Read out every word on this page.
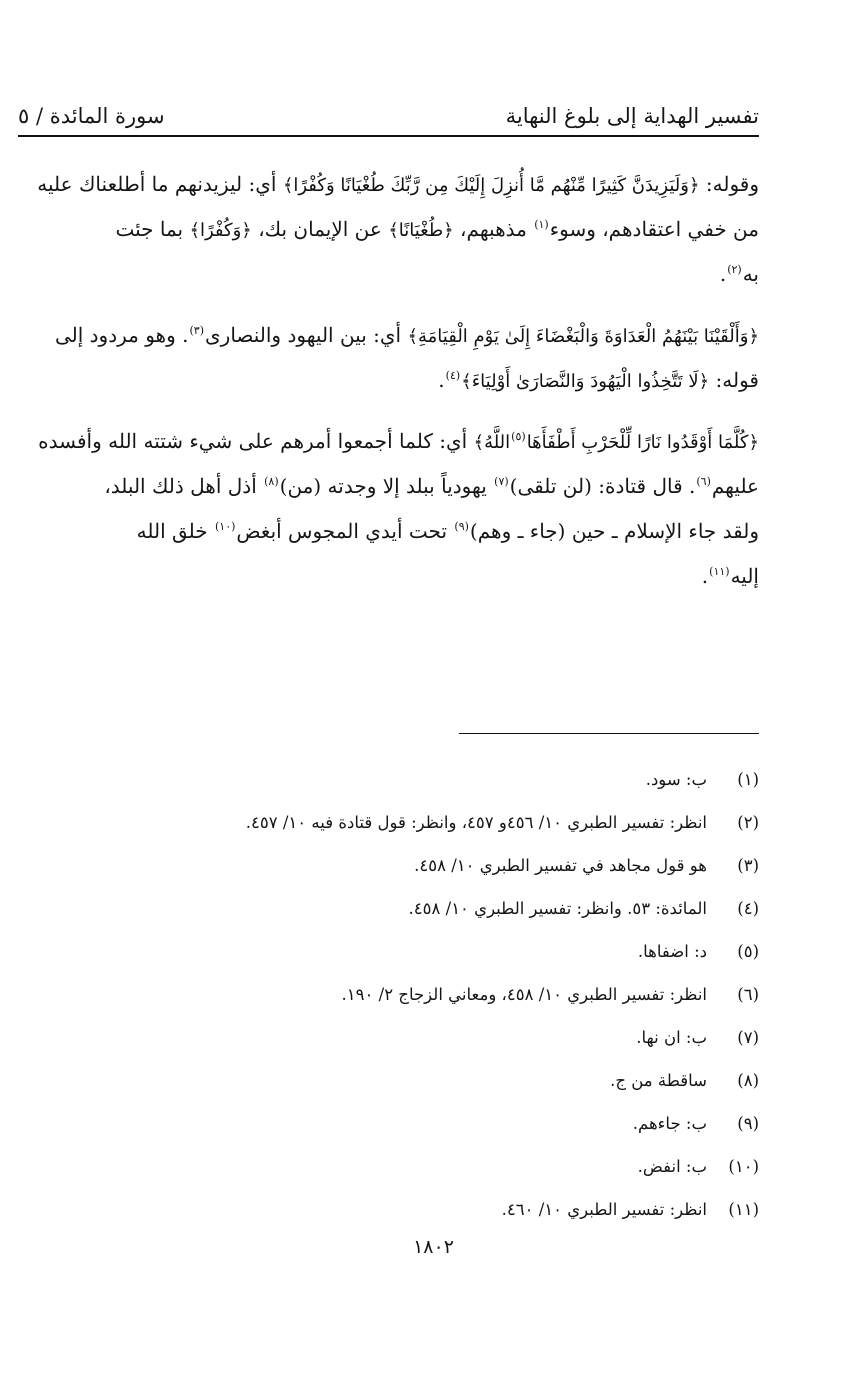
تفسير الهداية إلى بلوغ النهاية
سورة المائدة / ٥
وقوله: ﴿وَلَيَزِيدَنَّ كَثِيرًا مِّنْهُم مَّا أُنزِلَ إِلَيْكَ مِن رَّبِّكَ طُغْيَانًا وَكُفْرًا﴾ أي: ليزيدنهم ما أطلعناك عليه
من خفي اعتقادهم، وسوء$^{(١)}$ مذهبهم، ﴿طُغْيَانًا﴾ عن الإيمان بك، ﴿وَكُفْرًا﴾ بما جئت
به$^{(٢)}$.
﴿وَأَلْقَيْنَا بَيْنَهُمُ الْعَدَاوَةَ وَالْبَغْضَاءَ إِلَىٰ يَوْمِ الْقِيَامَةِ﴾ أي: بين اليهود والنصارى$^{(٣)}$. وهو مردود إلى
قوله: ﴿لَا تَتَّخِذُوا الْيَهُودَ وَالنَّصَارَىٰ أَوْلِيَاءَ﴾$^{(٤)}$.
﴿كُلَّمَا أَوْقَدُوا نَارًا لِّلْحَرْبِ أَطْفَأَهَا$^{(٥)}$اللَّهُ﴾ أي: كلما أجمعوا أمرهم على شيء شتته الله وأفسده
عليهم$^{(٦)}$. قال قتادة: (لن تلقى)$^{(٧)}$ يهودياً ببلد إلا وجدته (من)$^{(٨)}$ أذل أهل ذلك البلد،
ولقد جاء الإسلام ـ حين (جاء ـ وهم)$^{(٩)}$ تحت أيدي المجوس أبغض$^{(١٠)}$ خلق الله
إليه$^{(١١)}$.
(١)
ب: سود.
(٢)
انظر: تفسير الطبري ١٠/ ٤٥٦و ٤٥٧، وانظر: قول قتادة فيه ١٠/ ٤٥٧.
(٣)
هو قول مجاهد في تفسير الطبري ١٠/ ٤٥٨.
(٤)
المائدة: ٥٣. وانظر: تفسير الطبري ١٠/ ٤٥٨.
(٥)
د: اضفاها.
(٦)
انظر: تفسير الطبري ١٠/ ٤٥٨، ومعاني الزجاج ٢/ ١٩٠.
(٧)
ب: ان نها.
(٨)
ساقطة من ج.
(٩)
ب: جاءهم.
(١٠)
ب: انفض.
(١١)
انظر: تفسير الطبري ١٠/ ٤٦٠.
١٨٠٢
